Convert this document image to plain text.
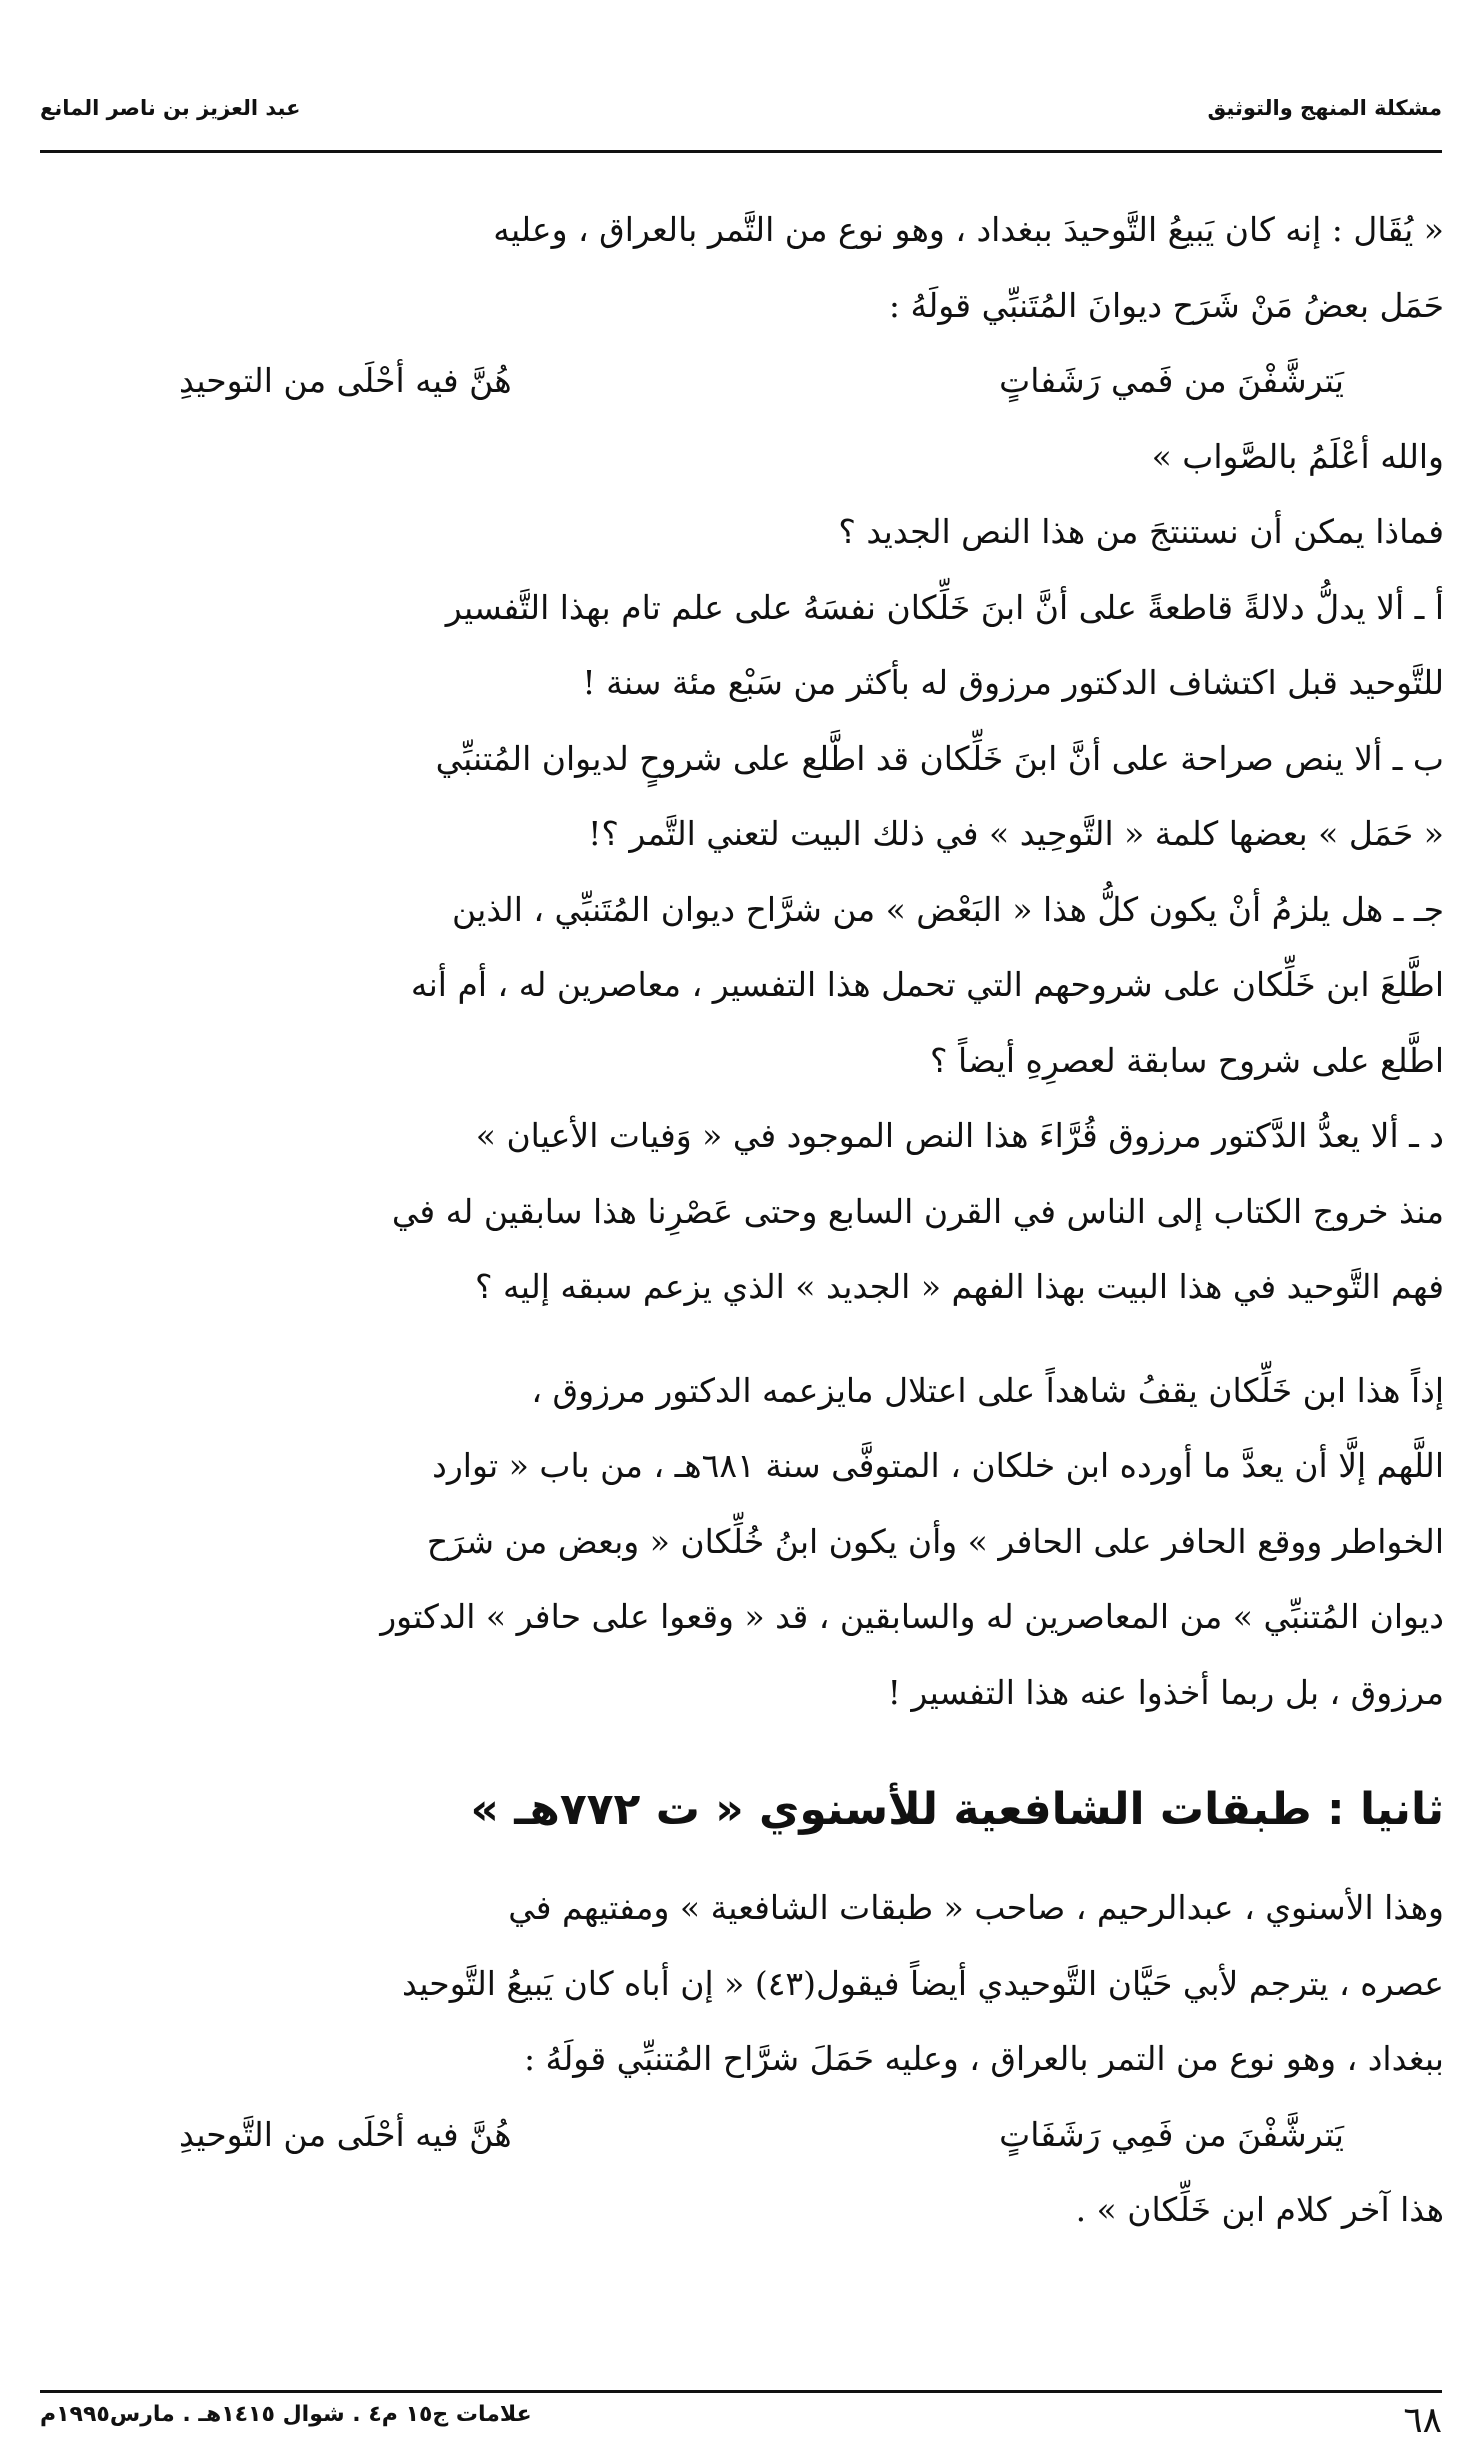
مشكلة المنهج والتوثيق
عبد العزيز بن ناصر المانع

« يُقَال : إنه كان يَبيعُ التَّوحيدَ ببغداد ، وهو نوع من التَّمر بالعراق ، وعليه

حَمَل بعضُ مَنْ شَرَح ديوانَ المُتَنبِّي قولَهُ :

يَترشَّفْنَ من فَمي رَشَفاتٍ
هُنَّ فيه أحْلَى من التوحيدِ

والله أعْلَمُ بالصَّواب »

فماذا يمكن أن نستنتجَ من هذا النص الجديد ؟

أ ـ ألا يدلُّ دلالةً قاطعةً على أنَّ ابنَ خَلِّكان نفسَهُ على علم تام بهذا التَّفسير

للتَّوحيد قبل اكتشاف الدكتور مرزوق له بأكثر من سَبْع مئة سنة !

ب ـ ألا ينص صراحة على أنَّ ابنَ خَلِّكان قد اطَّلع على شروحٍ لديوان المُتنبِّي

« حَمَل » بعضها كلمة « التَّوحِيد » في ذلك البيت لتعني التَّمر ؟!

جـ ـ هل يلزمُ أنْ يكون كلُّ هذا « البَعْض » من شرَّاح ديوان المُتَنبِّي ، الذين

اطَّلعَ ابن خَلِّكان على شروحهم التي تحمل هذا التفسير ، معاصرين له ، أم أنه

اطَّلع على شروح سابقة لعصرِهِ أيضاً ؟

د ـ ألا يعدُّ الدَّكتور مرزوق قُرَّاءَ هذا النص الموجود في « وَفيات الأعيان »

منذ خروج الكتاب إلى الناس في القرن السابع وحتى عَصْرِنا هذا سابقين له في

فهم التَّوحيد في هذا البيت بهذا الفهم « الجديد » الذي يزعم سبقه إليه ؟

إذاً هذا ابن خَلِّكان يقفُ شاهداً على اعتلال مايزعمه الدكتور مرزوق ،

اللَّهم إلَّا أن يعدَّ ما أورده ابن خلكان ، المتوفَّى سنة ٦٨١هـ ، من باب « توارد

الخواطر ووقع الحافر على الحافر » وأن يكون ابنُ خُلِّكان « وبعض من شرَح

ديوان المُتنبِّي » من المعاصرين له والسابقين ، قد « وقعوا على حافر » الدكتور

مرزوق ، بل ربما أخذوا عنه هذا التفسير !

ثانيا : طبقات الشافعية للأسنوي « ت ٧٧٢هـ »

وهذا الأسنوي ، عبدالرحيم ، صاحب « طبقات الشافعية » ومفتيهم في

عصره ، يترجم لأبي حَيَّان التَّوحيدي أيضاً فيقول(٤٣) « إن أباه كان يَبيعُ التَّوحيد

ببغداد ، وهو نوع من التمر بالعراق ، وعليه حَمَلَ شرَّاح المُتنبِّي قولَهُ :

يَترشَّفْنَ من فَمِي رَشَفَاتٍ
هُنَّ فيه أحْلَى من التَّوحيدِ

هذا آخر كلام ابن خَلِّكان » .

٦٨
علامات ج١٥ م٤ . شوال ١٤١٥هـ . مارس١٩٩٥م
